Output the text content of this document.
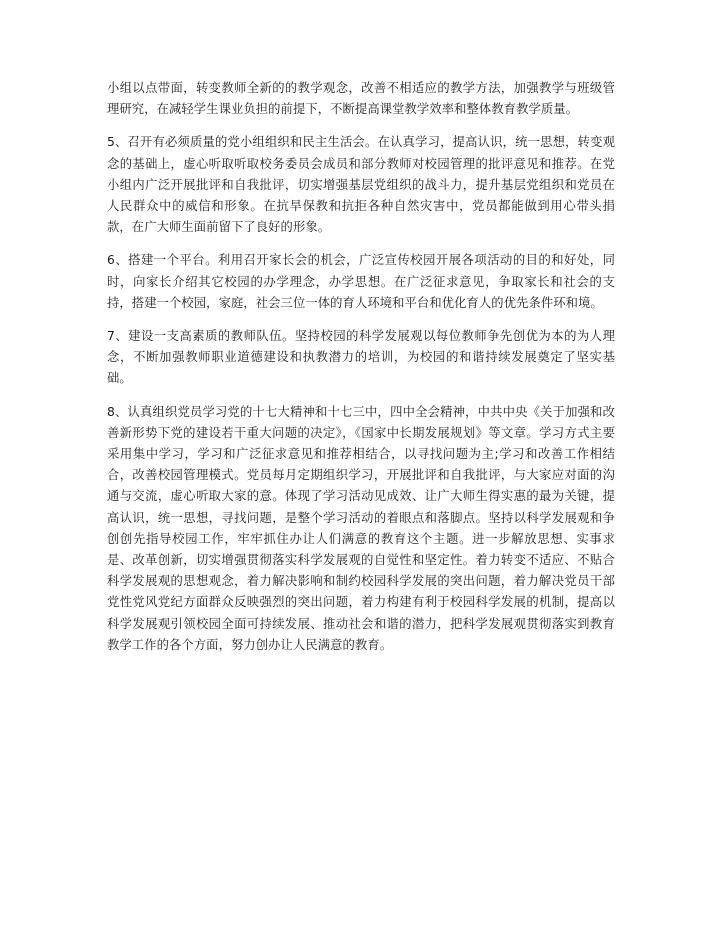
小组以点带面，转变教师全新的的教学观念，改善不相适应的教学方法，加强教学与班级管理研究，在减轻学生课业负担的前提下，不断提高课堂教学效率和整体教育教学质量。

5、召开有必须质量的党小组组织和民主生活会。在认真学习，提高认识，统一思想，转变观念的基础上，虚心听取听取校务委员会成员和部分教师对校园管理的批评意见和推荐。在党小组内广泛开展批评和自我批评，切实增强基层党组织的战斗力，提升基层党组织和党员在人民群众中的威信和形象。在抗旱保教和抗拒各种自然灾害中，党员都能做到用心带头捐款，在广大师生面前留下了良好的形象。

6、搭建一个平台。利用召开家长会的机会，广泛宣传校园开展各项活动的目的和好处，同时，向家长介绍其它校园的办学理念，办学思想。在广泛征求意见，争取家长和社会的支持，搭建一个校园，家庭，社会三位一体的育人环境和平台和优化育人的优先条件环和境。

7、建设一支高素质的教师队伍。坚持校园的科学发展观以每位教师争先创优为本的为人理念，不断加强教师职业道德建设和执教潜力的培训，为校园的和谐持续发展奠定了坚实基础。

8、认真组织党员学习党的十七大精神和十七三中，四中全会精神，中共中央《关于加强和改善新形势下党的建设若干重大问题的决定》，《国家中长期发展规划》等文章。学习方式主要采用集中学习，学习和广泛征求意见和推荐相结合，以寻找问题为主;学习和改善工作相结合，改善校园管理模式。党员每月定期组织学习，开展批评和自我批评，与大家应对面的沟通与交流，虚心听取大家的意。体现了学习活动见成效、让广大师生得实惠的最为关键，提高认识，统一思想，寻找问题，是整个学习活动的着眼点和落脚点。坚持以科学发展观和争创创先指导校园工作，牢牢抓住办让人们满意的教育这个主题。进一步解放思想、实事求是、改革创新，切实增强贯彻落实科学发展观的自觉性和坚定性。着力转变不适应、不贴合科学发展观的思想观念，着力解决影响和制约校园科学发展的突出问题，着力解决党员干部党性党风党纪方面群众反映强烈的突出问题，着力构建有利于校园科学发展的机制，提高以科学发展观引领校园全面可持续发展、推动社会和谐的潜力，把科学发展观贯彻落实到教育教学工作的各个方面，努力创办让人民满意的教育。
